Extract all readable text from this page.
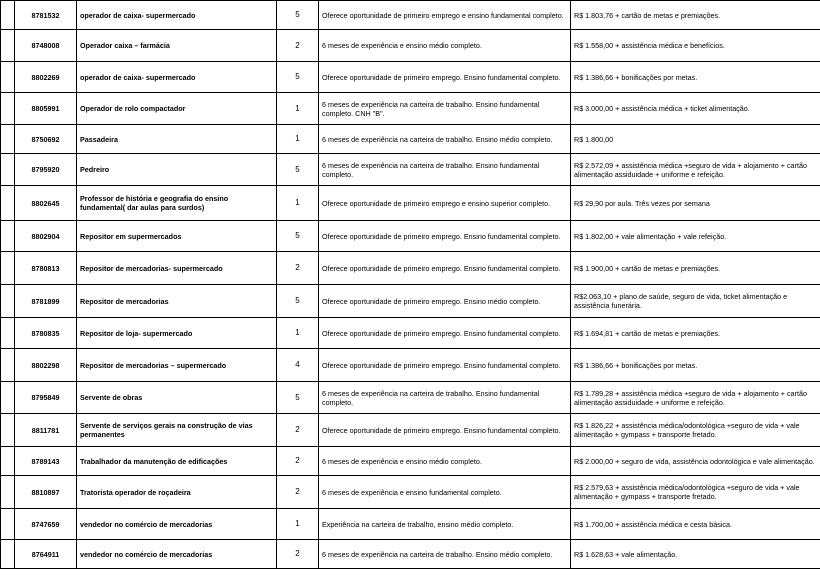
	8781532	operador de caixa- supermercado	5	Oferece oportunidade de primeiro emprego e ensino fundamental completo.	R$ 1.803,76 + cartão de metas e premiações.
	8748008	Operador caixa – farmácia	2	6 meses de experiência e ensino médio completo.	R$ 1.558,00 + assistência médica e benefícios.
	8802269	operador de caixa- supermercado	5	Oferece oportunidade de primeiro emprego. Ensino fundamental completo.	R$ 1.386,66 + bonificações por metas.
	8805991	Operador de rolo compactador	1	6 meses de experiência na carteira de trabalho. Ensino fundamental completo. CNH "B".	R$ 3.000,00 + assistência médica + ticket alimentação.
	8750692	Passadeira	1	6 meses de experiência na carteira de trabalho. Ensino médio completo.	R$ 1.800,00
	8795920	Pedreiro	5	6 meses de experiência na carteira de trabalho. Ensino fundamental completo.	R$ 2.572,09 + assistência médica +seguro de vida + alojamento + cartão alimentação assiduidade + uniforme e refeição.
	8802645	Professor de história e geografia do ensino fundamental( dar aulas para surdos)	1	Oferece oportunidade de primeiro emprego e ensino superior completo.	R$ 29,90 por aula. Três vezes por semana
	8802904	Repositor em supermercados	5	Oferece oportunidade de primeiro emprego. Ensino fundamental completo.	R$ 1.802,00 + vale alimentação + vale refeição.
	8780813	Repositor de mercadorias- supermercado	2	Oferece oportunidade de primeiro emprego. Ensino fundamental completo.	R$ 1.900,00 + cartão de metas e premiações.
	8781899	Repositor de mercadorias	5	Oferece oportunidade de primeiro emprego. Ensino médio completo.	R$2.063,10 + plano de saúde, seguro de vida, ticket alimentação e assistência funerária.
	8780835	Repositor de loja- supermercado	1	Oferece oportunidade de primeiro emprego. Ensino fundamental completo.	R$ 1.694,81 + cartão de metas e premiações.
	8802298	Repositor de mercadorias – supermercado	4	Oferece oportunidade de primeiro emprego. Ensino fundamental completo.	R$ 1.386,66 + bonificações por metas.
	8795849	Servente de obras	5	6 meses de experiência na carteira de trabalho. Ensino fundamental completo.	R$ 1.789,28 + assistência médica +seguro de vida + alojamento + cartão alimentação assiduidade + uniforme e refeição.
	8811781	Servente de serviços gerais na construção de vias permanentes	2	Oferece oportunidade de primeiro emprego. Ensino fundamental completo.	R$ 1.826,22 + assistência médica/odontológica +seguro de vida + vale alimentação + gympass + transporte fretado.
	8789143	Trabalhador da manutenção de edificações	2	6 meses de experiência e ensino médio completo.	R$ 2.000,00 + seguro de vida, assistência odontológica e vale alimentação.
	8810897	Tratorista operador de roçadeira	2	6 meses de experiência e ensino fundamental completo.	R$ 2.579,63 + assistência médica/odontológica +seguro de vida + vale alimentação + gympass + transporte fretado.
	8747659	vendedor no comércio de mercadorias	1	Experiência na carteira de trabalho, ensino médio completo.	R$ 1.700,00 + assistência médica e cesta básica.
	8764911	vendedor no comércio de mercadorias	2	6 meses de experiência na carteira de trabalho. Ensino médio completo.	R$ 1.628,63 + vale alimentação.
